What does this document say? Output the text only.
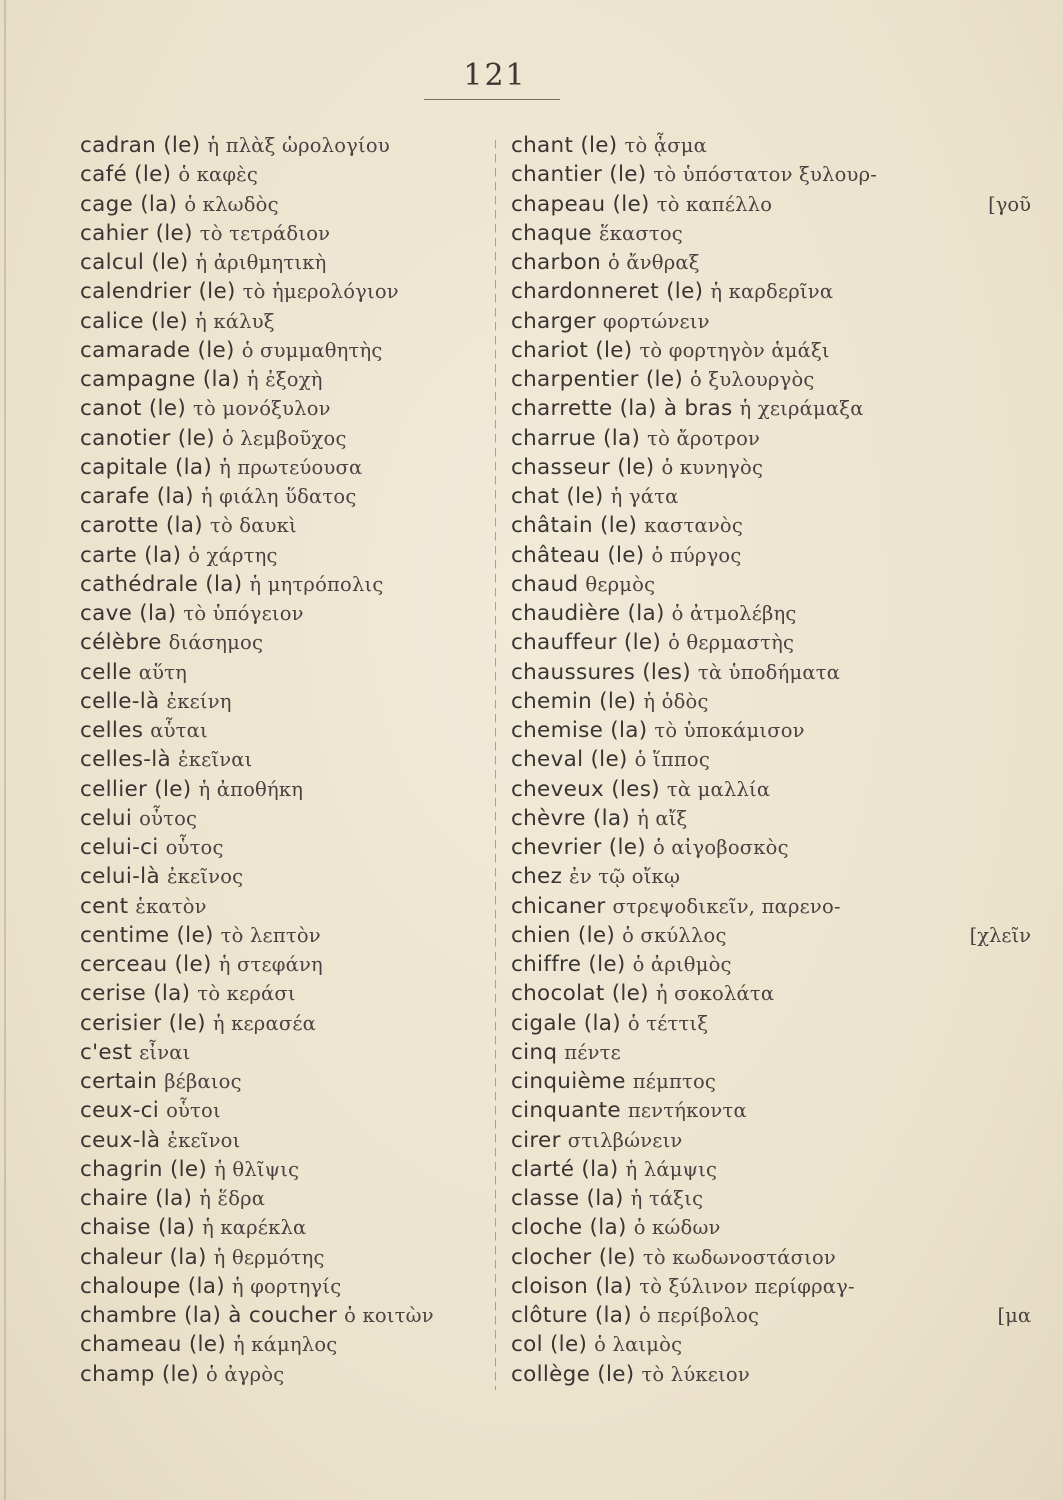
121
cadran (le) ἡ πλὰξ ὡρολογίου
café (le) ὁ καφὲς
cage (la) ὁ κλωδὸς
cahier (le) τὸ τετράδιον
calcul (le) ἡ ἀριθμητικὴ
calendrier (le) τὸ ἡμερολόγιον
calice (le) ἡ κάλυξ
camarade (le) ὁ συμμαθητὴς
campagne (la) ἡ ἐξοχὴ
canot (le) τὸ μονόξυλον
canotier (le) ὁ λεμβοῦχος
capitale (la) ἡ πρωτεύουσα
carafe (la) ἡ φιάλη ὕδατος
carotte (la) τὸ δαυκὶ
carte (la) ὁ χάρτης
cathédrale (la) ἡ μητρόπολις
cave (la) τὸ ὑπόγειον
célèbre διάσημος
celle αὕτη
celle-là ἐκείνη
celles αὗται
celles-là ἐκεῖναι
cellier (le) ἡ ἀποθήκη
celui οὗτος
celui-ci οὗτος
celui-là ἐκεῖνος
cent ἑκατὸν
centime (le) τὸ λεπτὸν
cerceau (le) ἡ στεφάνη
cerise (la) τὸ κεράσι
cerisier (le) ἡ κερασέα
c'est εἶναι
certain βέβαιος
ceux-ci οὗτοι
ceux-là ἐκεῖνοι
chagrin (le) ἡ θλῖψις
chaire (la) ἡ ἕδρα
chaise (la) ἡ καρέκλα
chaleur (la) ἡ θερμότης
chaloupe (la) ἡ φορτηγίς
chambre (la) à coucher ὁ κοιτὼν
chameau (le) ἡ κάμηλος
champ (le) ὁ ἀγρὸς
chant (le) τὸ ᾆσμα
chantier (le) τὸ ὑπόστατον ξυλουρ-
chapeau (le) τὸ καπέλλο	[γοῦ
chaque ἕκαστος
charbon ὁ ἄνθραξ
chardonneret (le) ἡ καρδερῖνα
charger φορτώνειν
chariot (le) τὸ φορτηγὸν ἁμάξι
charpentier (le) ὁ ξυλουργὸς
charrette (la) à bras ἡ χειράμαξα
charrue (la) τὸ ἄροτρον
chasseur (le) ὁ κυνηγὸς
chat (le) ἡ γάτα
châtain (le) καστανὸς
château (le) ὁ πύργος
chaud θερμὸς
chaudière (la) ὁ ἀτμολέβης
chauffeur (le) ὁ θερμαστὴς
chaussures (les) τὰ ὑποδήματα
chemin (le) ἡ ὁδὸς
chemise (la) τὸ ὑποκάμισον
cheval (le) ὁ ἵππος
cheveux (les) τὰ μαλλία
chèvre (la) ἡ αἴξ
chevrier (le) ὁ αἰγοβοσκὸς
chez ἐν τῷ οἴκῳ
chicaner στρεψοδικεῖν, παρενο-
chien (le) ὁ σκύλλος	[χλεῖν
chiffre (le) ὁ ἀριθμὸς
chocolat (le) ἡ σοκολάτα
cigale (la) ὁ τέττιξ
cinq πέντε
cinquième πέμπτος
cinquante πεντήκοντα
cirer στιλβώνειν
clarté (la) ἡ λάμψις
classe (la) ἡ τάξις
cloche (la) ὁ κώδων
clocher (le) τὸ κωδωνοστάσιον
cloison (la) τὸ ξύλινον περίφραγ-
clôture (la) ὁ περίβολος	[μα
col (le) ὁ λαιμὸς
collège (le) τὸ λύκειον
